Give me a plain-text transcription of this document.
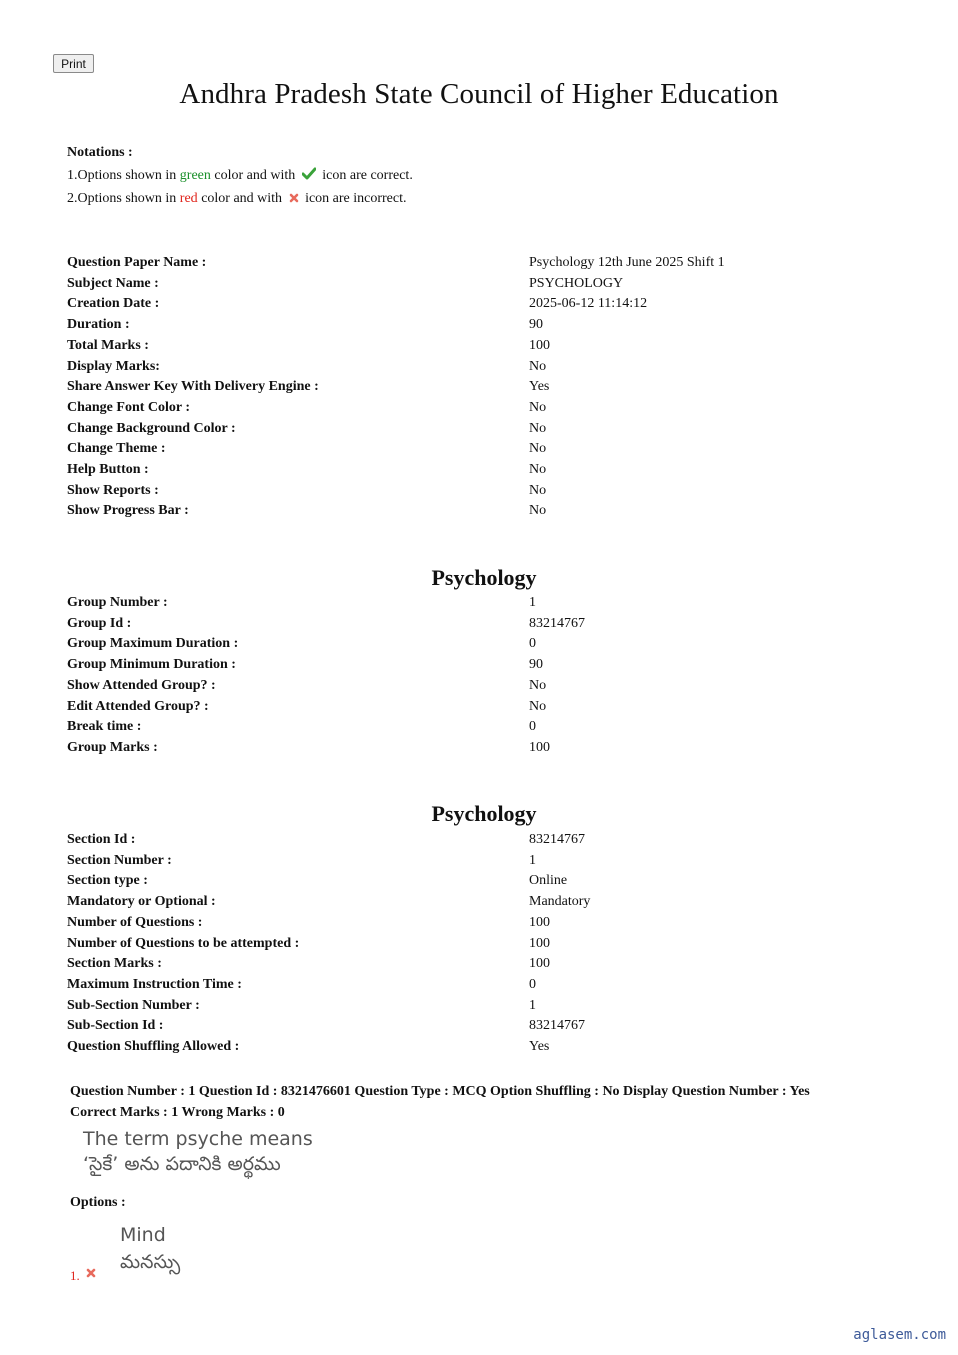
Print
Andhra Pradesh State Council of Higher Education
Notations :
1.Options shown in green color and with icon are correct.
2.Options shown in red color and with icon are incorrect.
Question Paper Name :	Psychology 12th June 2025 Shift 1
Subject Name :	PSYCHOLOGY
Creation Date :	2025-06-12 11:14:12
Duration :	90
Total Marks :	100
Display Marks:	No
Share Answer Key With Delivery Engine :	Yes
Change Font Color :	No
Change Background Color :	No
Change Theme :	No
Help Button :	No
Show Reports :	No
Show Progress Bar :	No
Psychology
Group Number :	1
Group Id :	83214767
Group Maximum Duration :	0
Group Minimum Duration :	90
Show Attended Group? :	No
Edit Attended Group? :	No
Break time :	0
Group Marks :	100
Psychology
Section Id :	83214767
Section Number :	1
Section type :	Online
Mandatory or Optional :	Mandatory
Number of Questions :	100
Number of Questions to be attempted :	100
Section Marks :	100
Maximum Instruction Time :	0
Sub-Section Number :	1
Sub-Section Id :	83214767
Question Shuffling Allowed :	Yes
Question Number : 1 Question Id : 8321476601 Question Type : MCQ Option Shuffling : No Display Question Number : Yes
Correct Marks : 1 Wrong Marks : 0
The term psyche means
‘సైకే’ అను పదానికి అర్థము
Options :
Mind
మనస్సు
1.
aglasem.com
